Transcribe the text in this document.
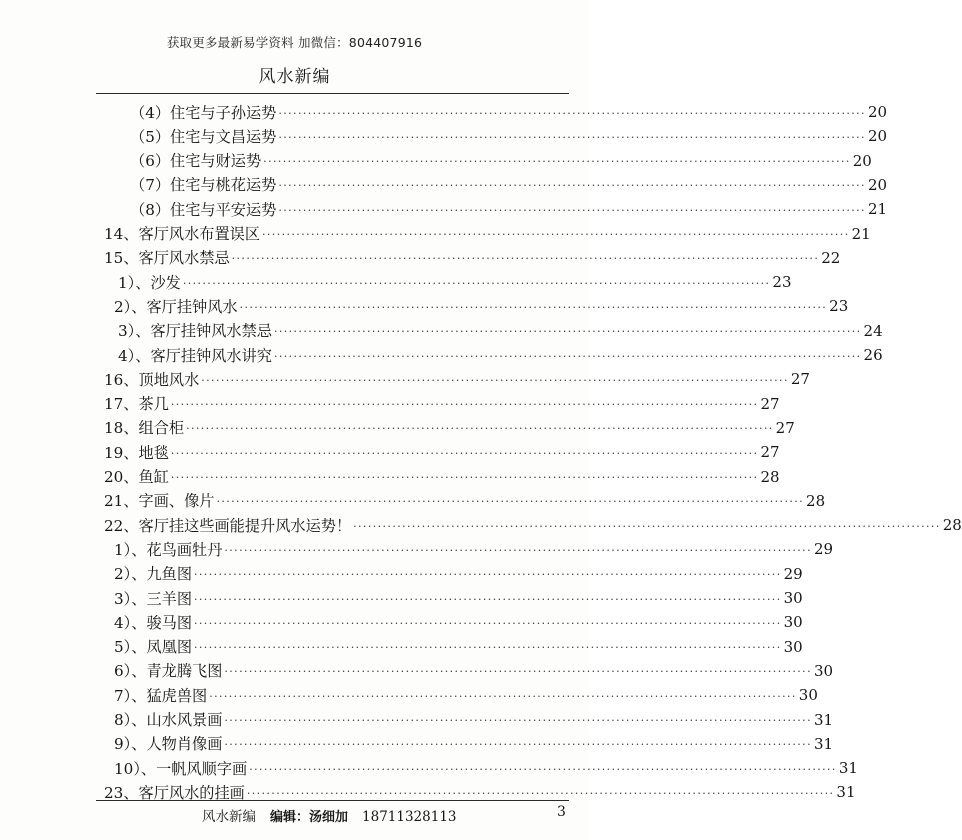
获取更多最新易学资料 加微信：804407916
风水新编
（4）住宅与子孙运势 ························································································································ 20
（5）住宅与文昌运势 ························································································································ 20
（6）住宅与财运势 ························································································································ 20
（7）住宅与桃花运势 ························································································································ 20
（8）住宅与平安运势 ························································································································ 21
14、客厅风水布置误区 ························································································································ 21
15、客厅风水禁忌 ························································································································ 22
1）、沙发 ························································································································ 23
2）、客厅挂钟风水 ························································································································ 23
3）、客厅挂钟风水禁忌 ························································································································ 24
4）、客厅挂钟风水讲究 ························································································································ 26
16、顶地风水 ························································································································ 27
17、茶几 ························································································································ 27
18、组合柜 ························································································································ 27
19、地毯 ························································································································ 27
20、鱼缸 ························································································································ 28
21、字画、像片 ························································································································ 28
22、客厅挂这些画能提升风水运势！ ························································································································ 28
1）、花鸟画牡丹 ························································································································ 29
2）、九鱼图 ························································································································ 29
3）、三羊图 ························································································································ 30
4）、骏马图 ························································································································ 30
5）、凤凰图 ························································································································ 30
6）、青龙腾飞图 ························································································································ 30
7）、猛虎兽图 ························································································································ 30
8）、山水风景画 ························································································································ 31
9）、人物肖像画 ························································································································ 31
10）、一帆风顺字画 ························································································································ 31
23、客厅风水的挂画 ························································································································ 31
风水新编 编辑：汤细加 18711328113	3
